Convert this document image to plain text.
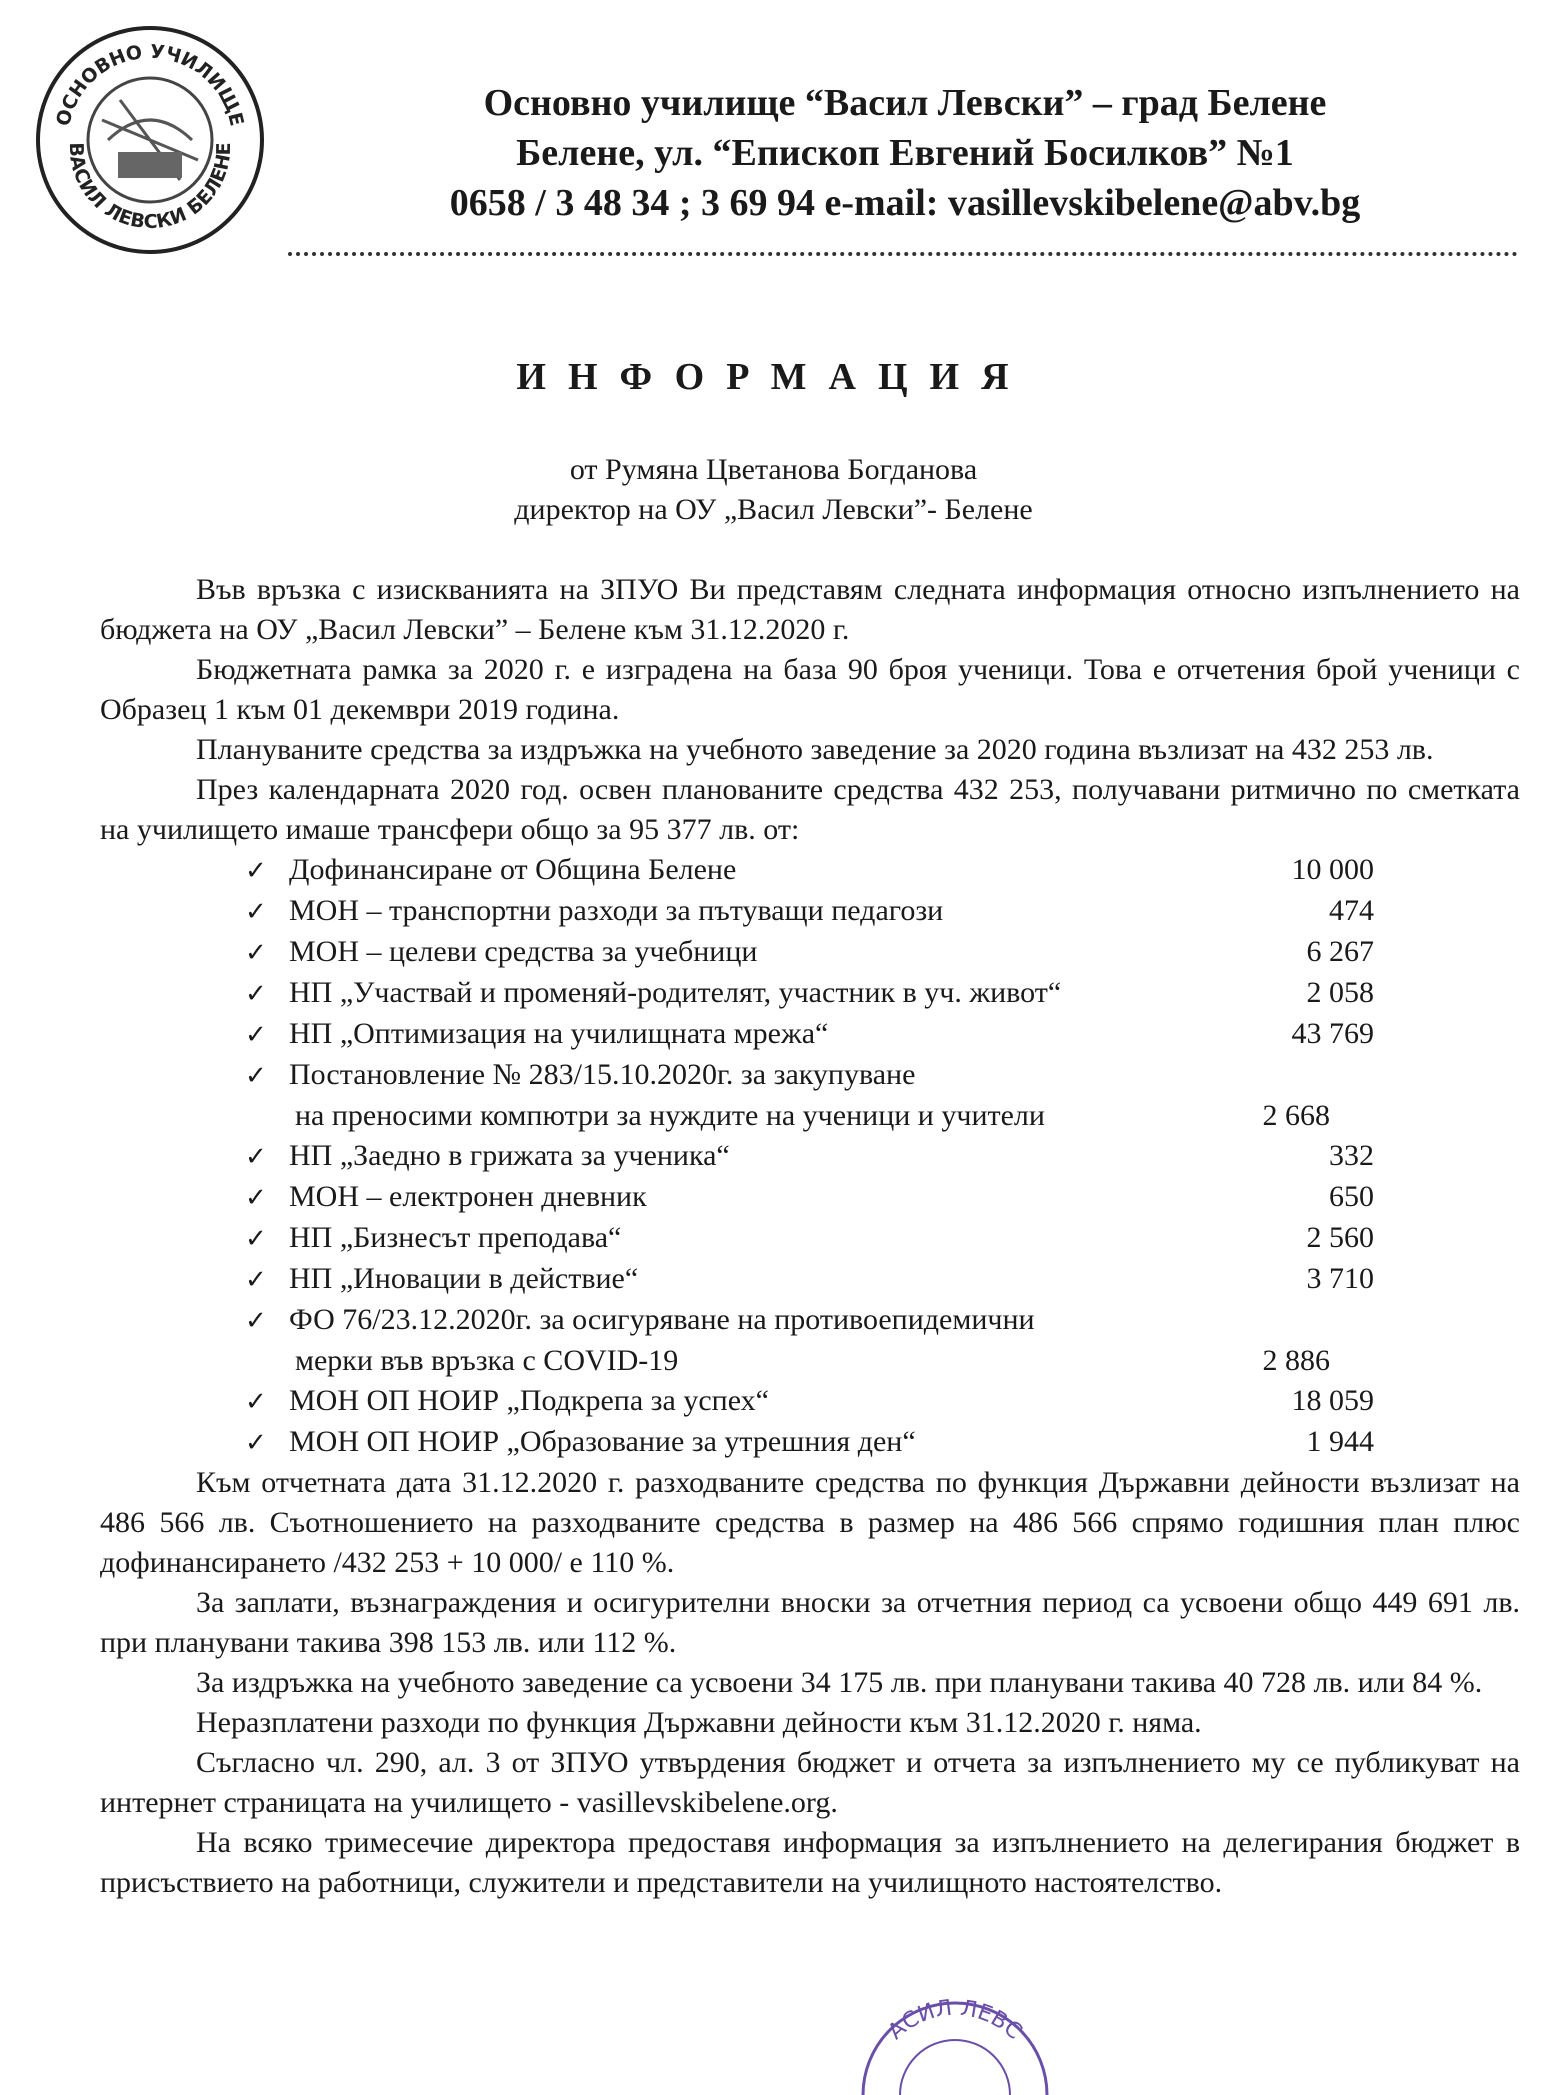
ОСНОВНО УЧИЛИЩЕ
ВАСИЛ ЛЕВСКИ БЕЛЕНЕ
Основно училище “Васил Левски” – град Белене
Белене, ул. “Епископ Евгений Босилков” №1
0658 / 3 48 34 ; 3 69 94 e-mail: vasillevskibelene@abv.bg
ИНФОРМАЦИЯ
от Румяна Цветанова Богданова
директор на ОУ „Васил Левски”- Белене

Във връзка с изискванията на ЗПУО Ви представям следната информация относно изпълнението на бюджета на ОУ „Васил Левски” – Белене към 31.12.2020 г.

Бюджетната рамка за 2020 г. е изградена на база 90 броя ученици. Това е отчетения брой ученици с Образец 1 към 01 декември 2019 година.

Плануваните средства за издръжка на учебното заведение за 2020 година възлизат на 432 253 лв.

През календарната 2020 год. освен планованите средства 432 253, получавани ритмично по сметката на училището имаше трансфери общо за 95 377 лв. от:

✓ Дофинансиране от Община Белене	10 000
✓ МОН – транспортни разходи за пътуващи педагози	474
✓ МОН – целеви средства за учебници	6 267
✓ НП „Участвай и променяй-родителят, участник в уч. живот“	2 058
✓ НП „Оптимизация на училищната мрежа“	43 769
✓ Постановление № 283/15.10.2020г. за закупуване
на преносими компютри за нуждите на ученици и учители	2 668
✓ НП „Заедно в грижата за ученика“	332
✓ МОН – електронен дневник	650
✓ НП „Бизнесът преподава“	2 560
✓ НП „Иновации в действие“	3 710
✓ ФО 76/23.12.2020г. за осигуряване на противоепидемични
мерки във връзка с COVID-19	2 886
✓ МОН ОП НОИР „Подкрепа за успех“	18 059
✓ МОН ОП НОИР „Образование за утрешния ден“	1 944

Към отчетната дата 31.12.2020 г. разходваните средства по функция Държавни дейности възлизат на 486 566 лв. Съотношението на разходваните средства в размер на 486 566 спрямо годишния план плюс дофинансирането /432 253 + 10 000/ е 110 %.

За заплати, възнаграждения и осигурителни вноски за отчетния период са усвоени общо 449 691 лв. при планувани такива 398 153 лв. или 112 %.

За издръжка на учебното заведение са усвоени 34 175 лв. при планувани такива 40 728 лв. или 84 %.

Неразплатени разходи по функция Държавни дейности към 31.12.2020 г. няма.

Съгласно чл. 290, ал. 3 от ЗПУО утвърдения бюджет и отчета за изпълнението му се публикуват на интернет страницата на училището - vasillevskibelene.org.

На всяко тримесечие директора предоставя информация за изпълнението на делегирания бюджет в присъствието на работници, служители и представители на училищното настоятелство.

АСИЛ ЛЕВС
